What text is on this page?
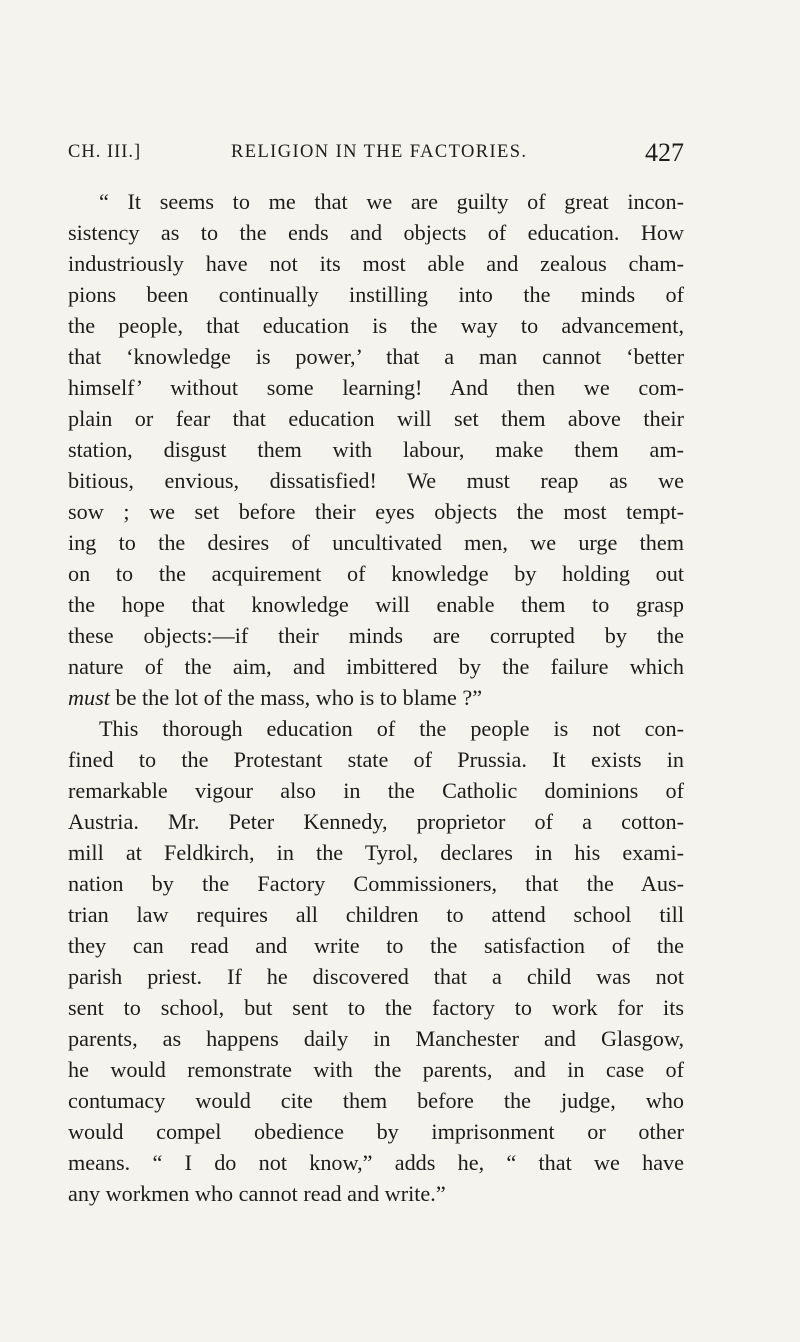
CH. III.]	RELIGION IN THE FACTORIES.	427
“ It seems to me that we are guilty of great incon-
sistency as to the ends and objects of education. How
industriously have not its most able and zealous cham-
pions been continually instilling into the minds of
the people, that education is the way to advancement,
that ‘knowledge is power,’ that a man cannot ‘better
himself’ without some learning! And then we com-
plain or fear that education will set them above their
station, disgust them with labour, make them am-
bitious, envious, dissatisfied! We must reap as we
sow ; we set before their eyes objects the most tempt-
ing to the desires of uncultivated men, we urge them
on to the acquirement of knowledge by holding out
the hope that knowledge will enable them to grasp
these objects:—if their minds are corrupted by the
nature of the aim, and imbittered by the failure which
must be the lot of the mass, who is to blame ?”
This thorough education of the people is not con-
fined to the Protestant state of Prussia. It exists in
remarkable vigour also in the Catholic dominions of
Austria. Mr. Peter Kennedy, proprietor of a cotton-
mill at Feldkirch, in the Tyrol, declares in his exami-
nation by the Factory Commissioners, that the Aus-
trian law requires all children to attend school till
they can read and write to the satisfaction of the
parish priest. If he discovered that a child was not
sent to school, but sent to the factory to work for its
parents, as happens daily in Manchester and Glasgow,
he would remonstrate with the parents, and in case of
contumacy would cite them before the judge, who
would compel obedience by imprisonment or other
means. “ I do not know,” adds he, “ that we have
any workmen who cannot read and write.”
